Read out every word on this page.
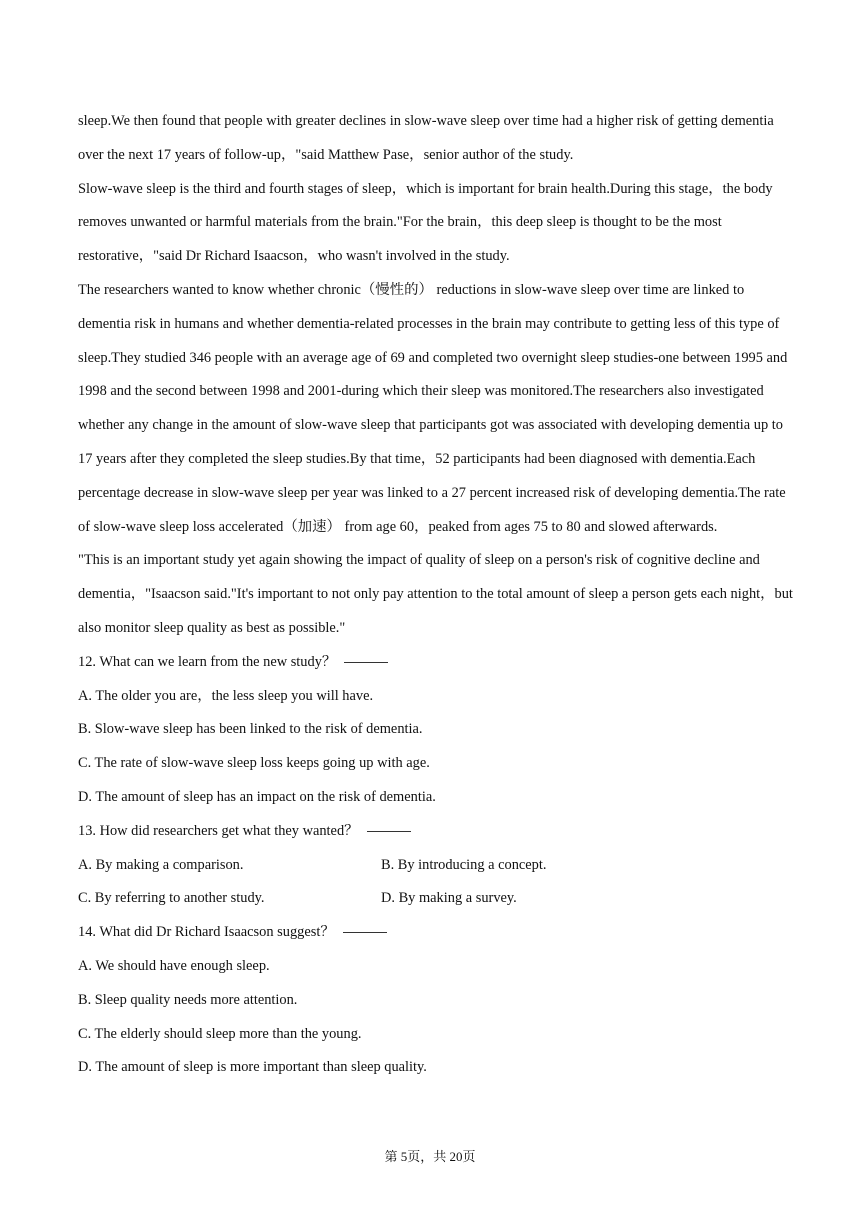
sleep.We then found that people with greater declines in slow-wave sleep over time had a higher risk of getting dementia over the next 17 years of follow-up，"said Matthew Pase，senior author of the study.

Slow-wave sleep is the third and fourth stages of sleep，which is important for brain health.During this stage，the body removes unwanted or harmful materials from the brain."For the brain，this deep sleep is thought to be the most restorative，"said Dr Richard Isaacson，who wasn't involved in the study.

The researchers wanted to know whether chronic（慢性的） reductions in slow-wave sleep over time are linked to dementia risk in humans and whether dementia-related processes in the brain may contribute to getting less of this type of sleep.They studied 346 people with an average age of 69 and completed two overnight sleep studies-one between 1995 and 1998 and the second between 1998 and 2001-during which their sleep was monitored.The researchers also investigated whether any change in the amount of slow-wave sleep that participants got was associated with developing dementia up to 17 years after they completed the sleep studies.By that time，52 participants had been diagnosed with dementia.Each percentage decrease in slow-wave sleep per year was linked to a 27 percent increased risk of developing dementia.The rate of slow-wave sleep loss accelerated（加速） from age 60，peaked from ages 75 to 80 and slowed afterwards.

"This is an important study yet again showing the impact of quality of sleep on a person's risk of cognitive decline and dementia，"Isaacson said."It's important to not only pay attention to the total amount of sleep a person gets each night，but also monitor sleep quality as best as possible."

12. What can we learn from the new study？
A. The older you are，the less sleep you will have.
B. Slow-wave sleep has been linked to the risk of dementia.
C. The rate of slow-wave sleep loss keeps going up with age.
D. The amount of sleep has an impact on the risk of dementia.
13. How did researchers get what they wanted？
A. By making a comparison.	B. By introducing a concept.
C. By referring to another study.	D. By making a survey.
14. What did Dr Richard Isaacson suggest？
A. We should have enough sleep.
B. Sleep quality needs more attention.
C. The elderly should sleep more than the young.
D. The amount of sleep is more important than sleep quality.
第 5页，共 20页
